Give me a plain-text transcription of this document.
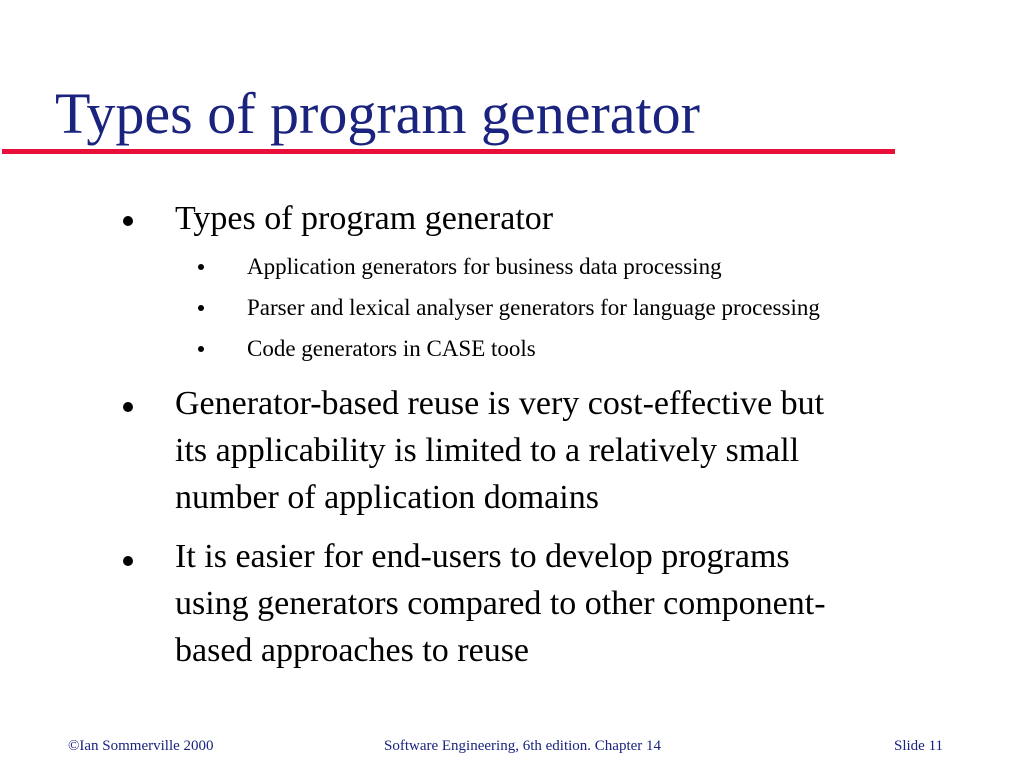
Types of program generator
Types of program generator
Application generators for business data processing
Parser and lexical analyser generators for language processing
Code generators in CASE tools
Generator-based reuse is very cost-effective but
its applicability is limited to a relatively small
number of application domains
It is easier for end-users to develop programs
using generators compared to other component-
based approaches to reuse
©Ian Sommerville 2000	Software Engineering, 6th edition. Chapter 14	Slide 11
